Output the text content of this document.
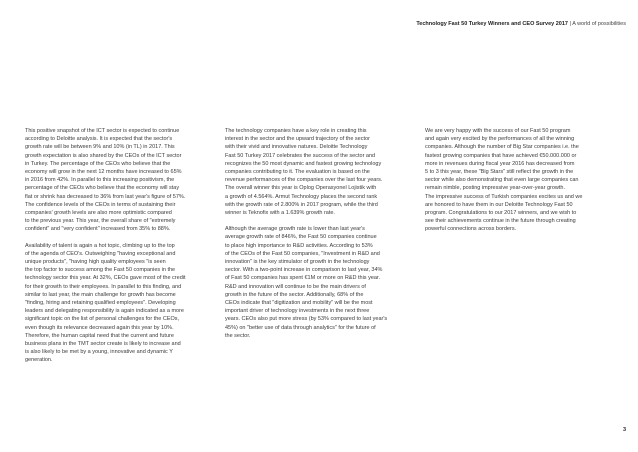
Technology Fast 50 Turkey Winners and CEO Survey 2017 | A world of possibilities

This positive snapshot of the ICT sector is expected to continue
according to Deloitte analysis. It is expected that the sector's
growth rate will be between 9% and 10% (in TL) in 2017. This
growth expectation is also shared by the CEOs of the ICT sector
in Turkey. The percentage of the CEOs who believe that the
economy will grow in the next 12 months have increased to 65%
in 2016 from 42%. In parallel to this increasing positivism, the
percentage of the CEOs who believe that the economy will stay
flat or shrink has decreased to 36% from last year's figure of 57%.
The confidence levels of the CEOs in terms of sustaining their
companies' growth levels are also more optimistic compared
to the previous year. This year, the overall share of "extremely
confident" and "very confident" increased from 35% to 88%.

Availability of talent is again a hot topic, climbing up to the top
of the agenda of CEO's. Outweighing "having exceptional and
unique products", "having high quality employees "is seen
the top factor to success among the Fast 50 companies in the
technology sector this year. At 32%, CEOs gave most of the credit
for their growth to their employees. In parallel to this finding, and
similar to last year, the main challenge for growth has become
"finding, hiring and retaining qualified employees". Developing
leaders and delegating responsibility is again indicated as a more
significant topic on the list of personal challenges for the CEOs,
even though its relevance decreased again this year by 10%.
Therefore, the human capital need that the current and future
business plans in the TMT sector create is likely to increase and
is also likely to be met by a young, innovative and dynamic Y
generation.

The technology companies have a key role in creating this
interest in the sector and the upward trajectory of the sector
with their vivid and innovative natures. Deloitte Technology
Fast 50 Turkey 2017 celebrates the success of the sector and
recognizes the 50 most dynamic and fastest growing technology
companies contributing to it. The evaluation is based on the
revenue performances of the companies over the last four years.
The overall winner this year is Oplog Operasyonel Lojistik with
a growth of 4.564%. Armut Technology places the second rank
with the growth rate of 2.800% in 2017 program, while the third
winner is Teknofix with a 1.639% growth rate.

Although the average growth rate is lower than last year's
average growth rate of 846%, the Fast 50 companies continue
to place high importance to R&D activities. According to 53%
of the CEOs of the Fast 50 companies, "Investment in R&D and
innovation" is the key stimulator of growth in the technology
sector. With a two-point increase in comparison to last year, 34%
of Fast 50 companies has spent €1M or more on R&D this year.
R&D and innovation will continue to be the main drivers of
growth in the future of the sector. Additionally, 68% of the
CEOs indicate that "digitization and mobility" will be the most
important driver of technology investments in the next three
years. CEOs also put more stress (by 53% compared to last year's
45%) on "better use of data through analytics" for the future of
the sector.

We are very happy with the success of our Fast 50 program
and again very excited by the performances of all the winning
companies. Although the number of Big Star companies i.e. the
fastest growing companies that have achieved €50.000.000 or
more in revenues during fiscal year 2016 has decreased from
5 to 3 this year, these "Big Stars" still reflect the growth in the
sector while also demonstrating that even large companies can
remain nimble, posting impressive year-over-year growth.
The impressive success of Turkish companies excites us and we
are honored to have them in our Deloitte Technology Fast 50
program. Congratulations to our 2017 winners, and we wish to
see their achievements continue in the future through creating
powerful connections across borders.

3
